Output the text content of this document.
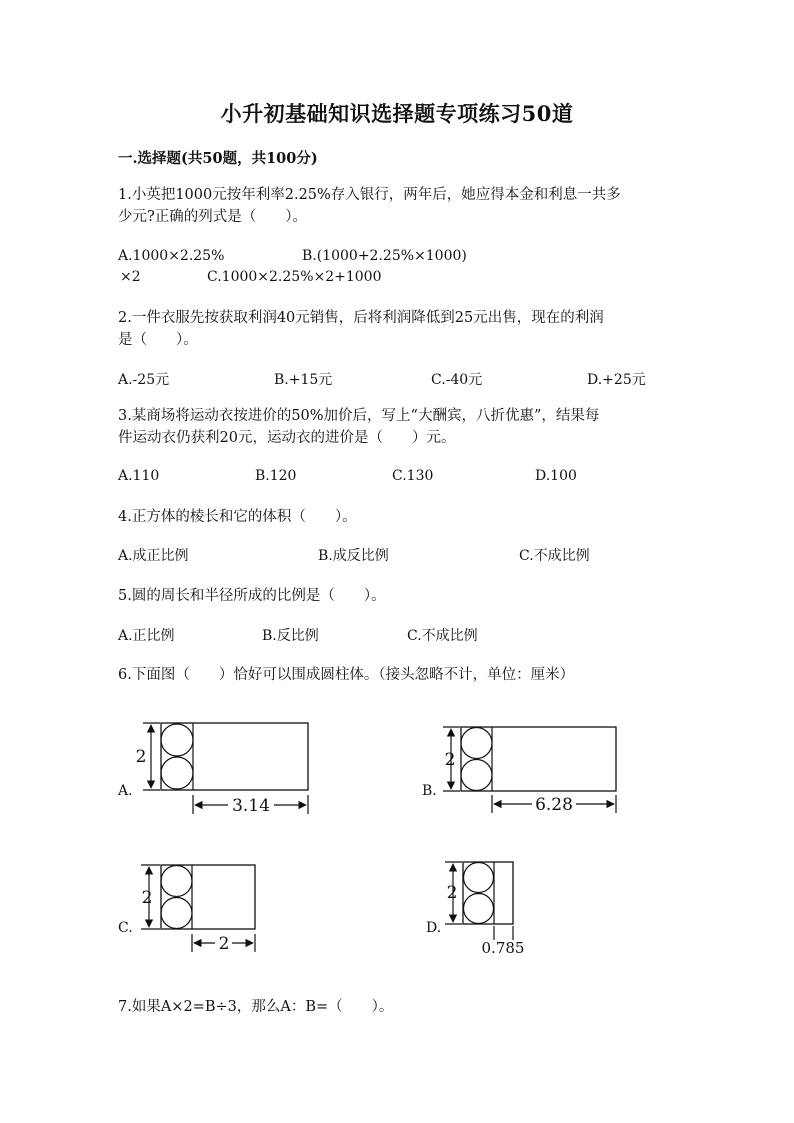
小升初基础知识选择题专项练习50道
一.选择题(共50题，共100分)
1.小英把1000元按年利率2.25%存入银行，两年后，她应得本金和利息一共多
少元?正确的列式是（　　）。
A.1000×2.25%	B.(1000+2.25%×1000)
×2	C.1000×2.25%×2+1000
2.一件衣服先按获取利润40元销售，后将利润降低到25元出售，现在的利润
是（　　）。
A.-25元	B.+15元	C.-40元	D.+25元
3.某商场将运动衣按进价的50%加价后，写上“大酬宾，八折优惠”，结果每
件运动衣仍获利20元，运动衣的进价是（　　）元。
A.110	B.120	C.130	D.100
4.正方体的棱长和它的体积（　　）。
A.成正比例	B.成反比例	C.不成比例
5.圆的周长和半径所成的比例是（　　）。
A.正比例	B.反比例	C.不成比例
6.下面图（　　）恰好可以围成圆柱体。（接头忽略不计，单位：厘米）
A.
2
3.14
B.
2
6.28
C.
2
2
D.
2
0.785
7.如果A×2=B÷3，那么A：B=（　　）。
